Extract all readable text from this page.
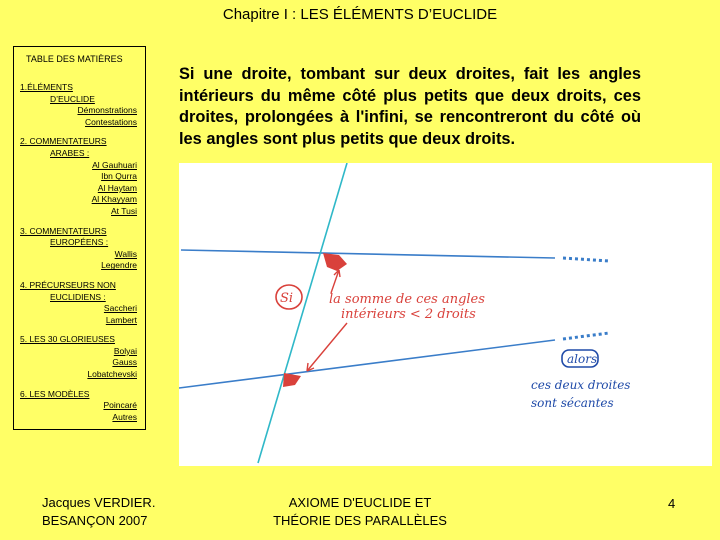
Chapitre I : LES ÉLÉMENTS D’EUCLIDE
TABLE DES MATIÈRES
1.ÉLÉMENTS
D’EUCLIDE
Démonstrations
Contestations
2. COMMENTATEURS
ARABES :
Al Gauhuari
Ibn Qurra
Al Haytam
Al Khayyam
At Tusi
3. COMMENTATEURS
EUROPÉENS :
Wallis
Legendre
4. PRÉCURSEURS NON
EUCLIDIENS :
Saccheri
Lambert
5. LES 30 GLORIEUSES
Bolyai
Gauss
Lobatchevski
6. LES MODÈLES
Poincaré
Autres
Si une droite, tombant sur deux droites, fait les angles intérieurs du même côté plus petits que deux droits, ces droites, prolongées à l'infini, se rencontreront du côté où les angles sont plus petits que deux droits.
Si	la somme de ces angles
intérieurs < 2 droits
alors
ces deux droites
sont sécantes
Jacques VERDIER.
BESANÇON 2007
AXIOME D'EUCLIDE ET
THÉORIE DES PARALLÈLES
4
